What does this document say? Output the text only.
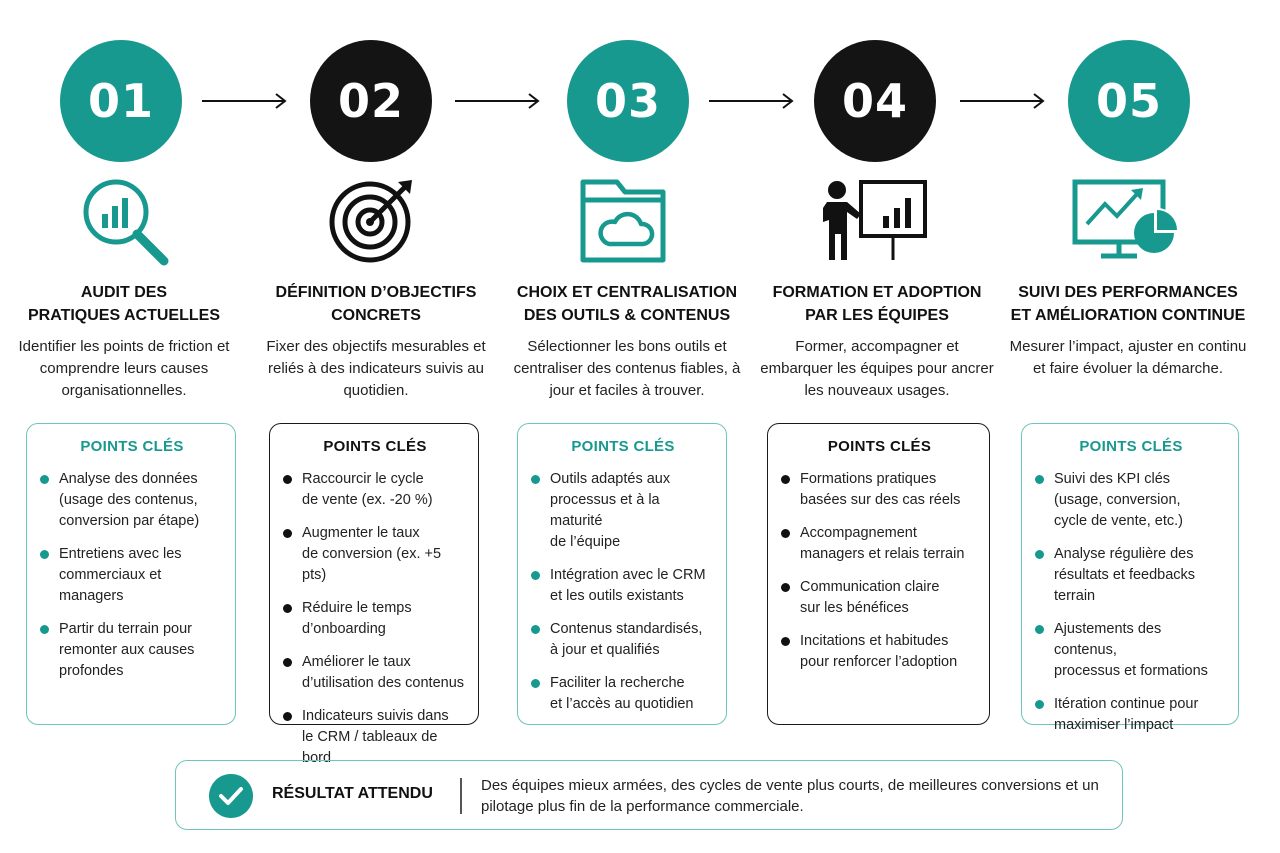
01
AUDIT DES
PRATIQUES ACTUELLES
Identifier les points de friction et comprendre leurs causes organisationnelles.
POINTS CLÉS
Analyse des données
(usage des contenus,
conversion par étape)
Entretiens avec les
commerciaux et
managers
Partir du terrain pour
remonter aux causes
profondes
02
DÉFINITION D’OBJECTIFS
CONCRETS
Fixer des objectifs mesurables et reliés à des indicateurs suivis au quotidien.
POINTS CLÉS
Raccourcir le cycle
de vente (ex. -20 %)
Augmenter le taux
de conversion (ex. +5 pts)
Réduire le temps
d’onboarding
Améliorer le taux
d’utilisation des contenus
Indicateurs suivis dans
le CRM / tableaux de bord
03
CHOIX ET CENTRALISATION
DES OUTILS & CONTENUS
Sélectionner les bons outils et centraliser des contenus fiables, à jour et faciles à trouver.
POINTS CLÉS
Outils adaptés aux
processus et à la maturité
de l’équipe
Intégration avec le CRM
et les outils existants
Contenus standardisés,
à jour et qualifiés
Faciliter la recherche
et l’accès au quotidien
04
FORMATION ET ADOPTION
PAR LES ÉQUIPES
Former, accompagner et embarquer les équipes pour ancrer les nouveaux usages.
POINTS CLÉS
Formations pratiques
basées sur des cas réels
Accompagnement
managers et relais terrain
Communication claire
sur les bénéfices
Incitations et habitudes
pour renforcer l’adoption
05
SUIVI DES PERFORMANCES
ET AMÉLIORATION CONTINUE
Mesurer l’impact, ajuster en continu et faire évoluer la démarche.
POINTS CLÉS
Suivi des KPI clés
(usage, conversion,
cycle de vente, etc.)
Analyse régulière des
résultats et feedbacks
terrain
Ajustements des contenus,
processus et formations
Itération continue pour
maximiser l’impact
RÉSULTAT ATTENDU	Des équipes mieux armées, des cycles de vente plus courts, de meilleures conversions et un pilotage plus fin de la performance commerciale.
